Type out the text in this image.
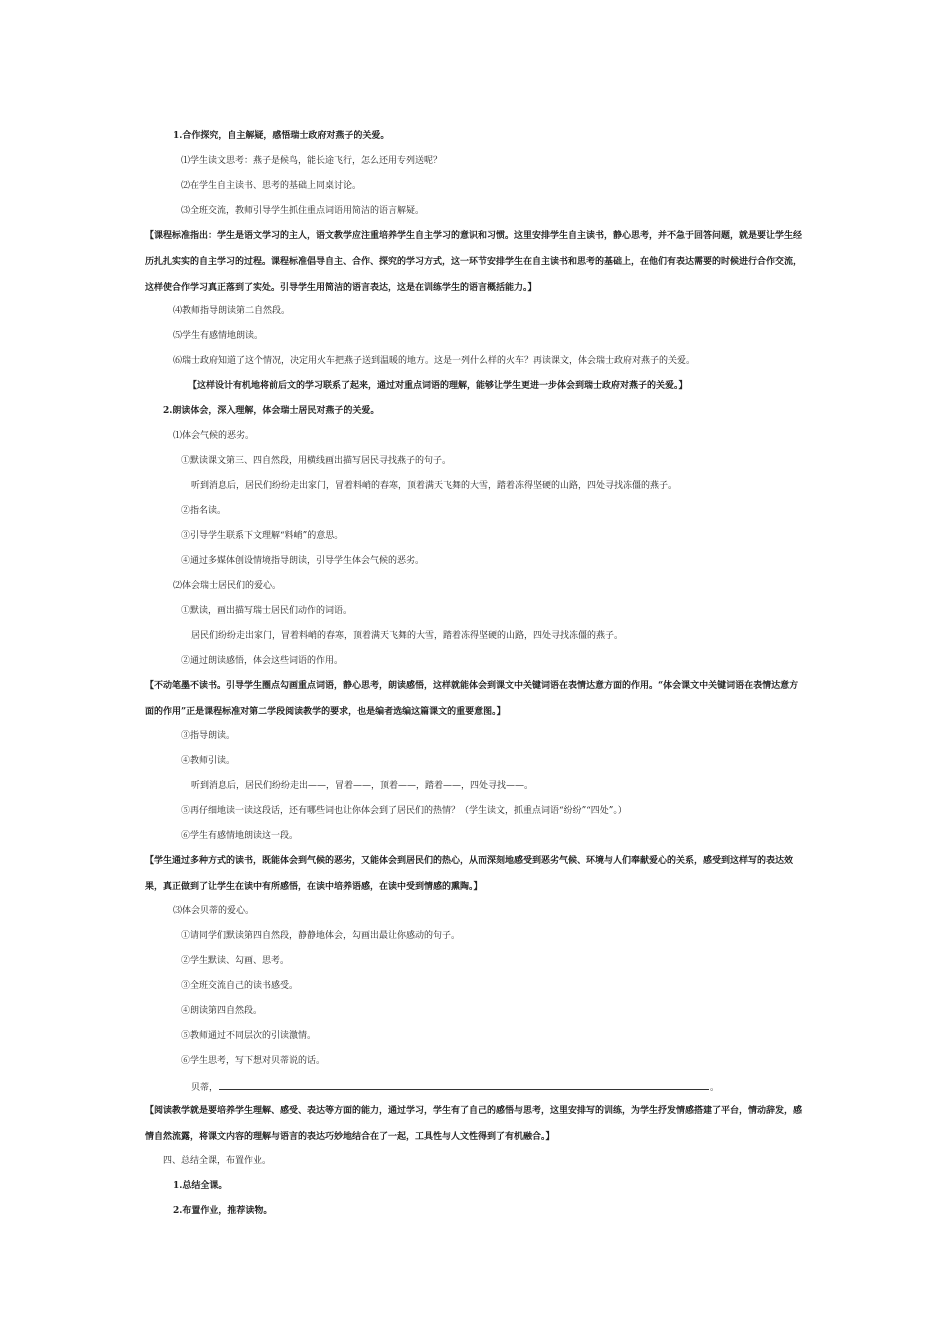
1.合作探究，自主解疑，感悟瑞士政府对燕子的关爱。
⑴学生读文思考：燕子是候鸟，能长途飞行，怎么还用专列送呢？
⑵在学生自主读书、思考的基础上同桌讨论。
⑶全班交流，教师引导学生抓住重点词语用简洁的语言解疑。
【课程标准指出：学生是语文学习的主人，语文教学应注重培养学生自主学习的意识和习惯。这里安排学生自主读书，静心思考，并不急于回答问题，就是要让学生经历扎扎实实的自主学习的过程。课程标准倡导自主、合作、探究的学习方式，这一环节安排学生在自主读书和思考的基础上，在他们有表达需要的时候进行合作交流，这样使合作学习真正落到了实处。引导学生用简洁的语言表达，这是在训练学生的语言概括能力。】
⑷教师指导朗读第二自然段。
⑸学生有感情地朗读。
⑹瑞士政府知道了这个情况，决定用火车把燕子送到温暖的地方。这是一列什么样的火车？再读课文，体会瑞士政府对燕子的关爱。
【这样设计有机地将前后文的学习联系了起来，通过对重点词语的理解，能够让学生更进一步体会到瑞士政府对燕子的关爱。】
2.朗读体会，深入理解，体会瑞士居民对燕子的关爱。
⑴体会气候的恶劣。
①默读课文第三、四自然段，用横线画出描写居民寻找燕子的句子。
听到消息后，居民们纷纷走出家门，冒着料峭的春寒，顶着满天飞舞的大雪，踏着冻得坚硬的山路，四处寻找冻僵的燕子。
②指名读。
③引导学生联系下文理解“料峭”的意思。
④通过多媒体创设情境指导朗读，引导学生体会气候的恶劣。
⑵体会瑞士居民们的爱心。
①默读，画出描写瑞士居民们动作的词语。
居民们纷纷走出家门，冒着料峭的春寒，顶着满天飞舞的大雪，踏着冻得坚硬的山路，四处寻找冻僵的燕子。
②通过朗读感悟，体会这些词语的作用。
【不动笔墨不读书。引导学生圈点勾画重点词语，静心思考，朗读感悟，这样就能体会到课文中关键词语在表情达意方面的作用。“体会课文中关键词语在表情达意方面的作用”正是课程标准对第二学段阅读教学的要求，也是编者选编这篇课文的重要意图。】
③指导朗读。
④教师引读。
听到消息后，居民们纷纷走出——，冒着——，顶着——，踏着——，四处寻找——。
⑤再仔细地读一读这段话，还有哪些词也让你体会到了居民们的热情？（学生读文，抓重点词语“纷纷”“四处”。）
⑥学生有感情地朗读这一段。
【学生通过多种方式的读书，既能体会到气候的恶劣，又能体会到居民们的热心，从而深刻地感受到恶劣气候、环境与人们奉献爱心的关系，感受到这样写的表达效果，真正做到了让学生在读中有所感悟，在读中培养语感，在读中受到情感的熏陶。】
⑶体会贝蒂的爱心。
①请同学们默读第四自然段，静静地体会，勾画出最让你感动的句子。
②学生默读、勾画、思考。
③全班交流自己的读书感受。
④朗读第四自然段。
⑤教师通过不同层次的引读激情。
⑥学生思考，写下想对贝蒂说的话。
贝蒂，	。
【阅读教学就是要培养学生理解、感受、表达等方面的能力，通过学习，学生有了自己的感悟与思考，这里安排写的训练，为学生抒发情感搭建了平台，情动辞发，感情自然流露，将课文内容的理解与语言的表达巧妙地结合在了一起，工具性与人文性得到了有机融合。】
四、总结全课，布置作业。
1.总结全课。
2.布置作业，推荐读物。
